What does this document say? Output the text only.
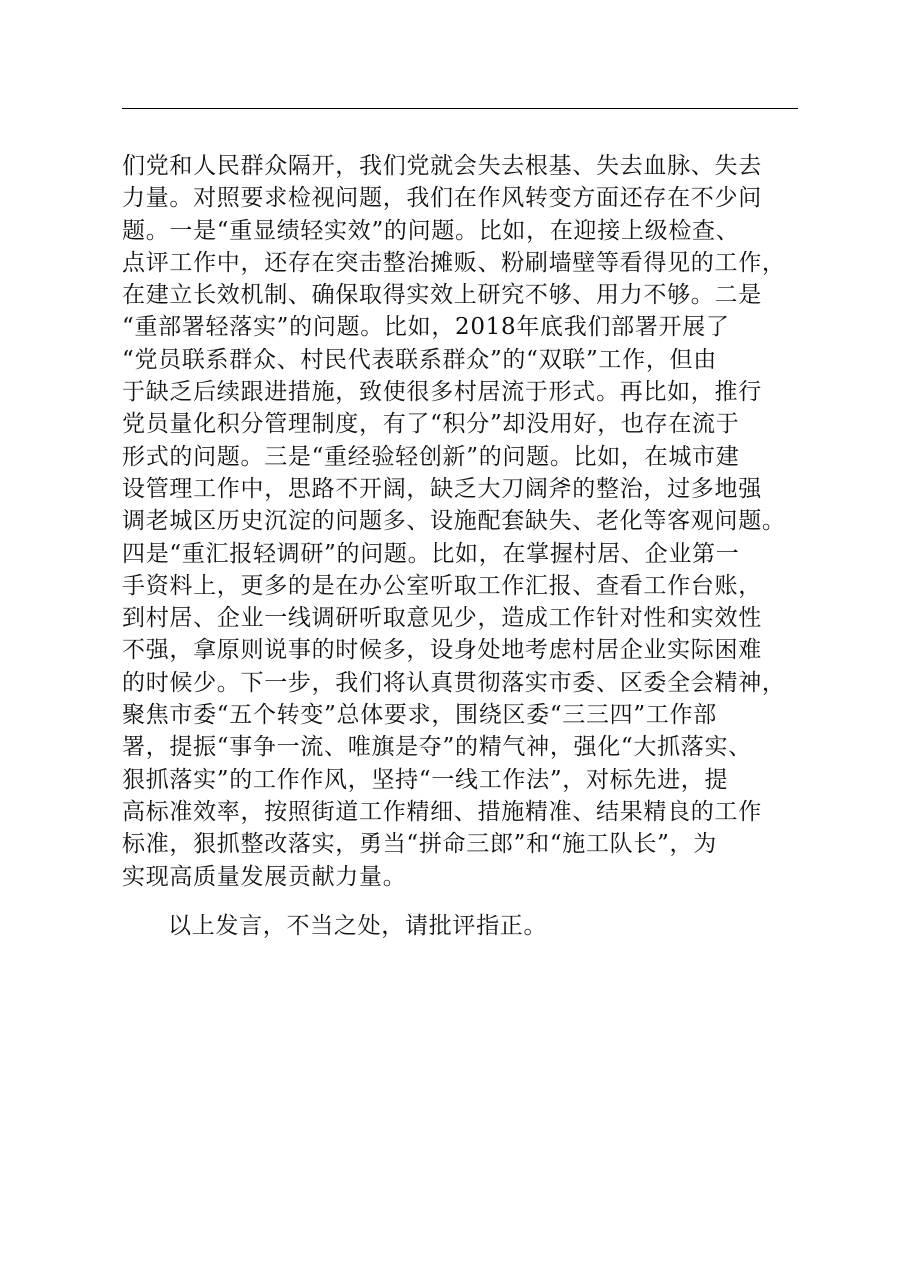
们党和人民群众隔开，我们党就会失去根基、失去血脉、失去
力量。对照要求检视问题，我们在作风转变方面还存在不少问
题。一是“重显绩轻实效”的问题。比如，在迎接上级检查、
点评工作中，还存在突击整治摊贩、粉刷墙壁等看得见的工作，
在建立长效机制、确保取得实效上研究不够、用力不够。二是
“重部署轻落实”的问题。比如，2018年底我们部署开展了
“党员联系群众、村民代表联系群众”的“双联”工作，但由
于缺乏后续跟进措施，致使很多村居流于形式。再比如，推行
党员量化积分管理制度，有了“积分”却没用好，也存在流于
形式的问题。三是“重经验轻创新”的问题。比如，在城市建
设管理工作中，思路不开阔，缺乏大刀阔斧的整治，过多地强
调老城区历史沉淀的问题多、设施配套缺失、老化等客观问题。
四是“重汇报轻调研”的问题。比如，在掌握村居、企业第一
手资料上，更多的是在办公室听取工作汇报、查看工作台账，
到村居、企业一线调研听取意见少，造成工作针对性和实效性
不强，拿原则说事的时候多，设身处地考虑村居企业实际困难
的时候少。下一步，我们将认真贯彻落实市委、区委全会精神，
聚焦市委“五个转变”总体要求，围绕区委“三三四”工作部
署，提振“事争一流、唯旗是夺”的精气神，强化“大抓落实、
狠抓落实”的工作作风，坚持“一线工作法”，对标先进，提
高标准效率，按照街道工作精细、措施精准、结果精良的工作
标准，狠抓整改落实，勇当“拼命三郎”和“施工队长”，为
实现高质量发展贡献力量。
以上发言，不当之处，请批评指正。
